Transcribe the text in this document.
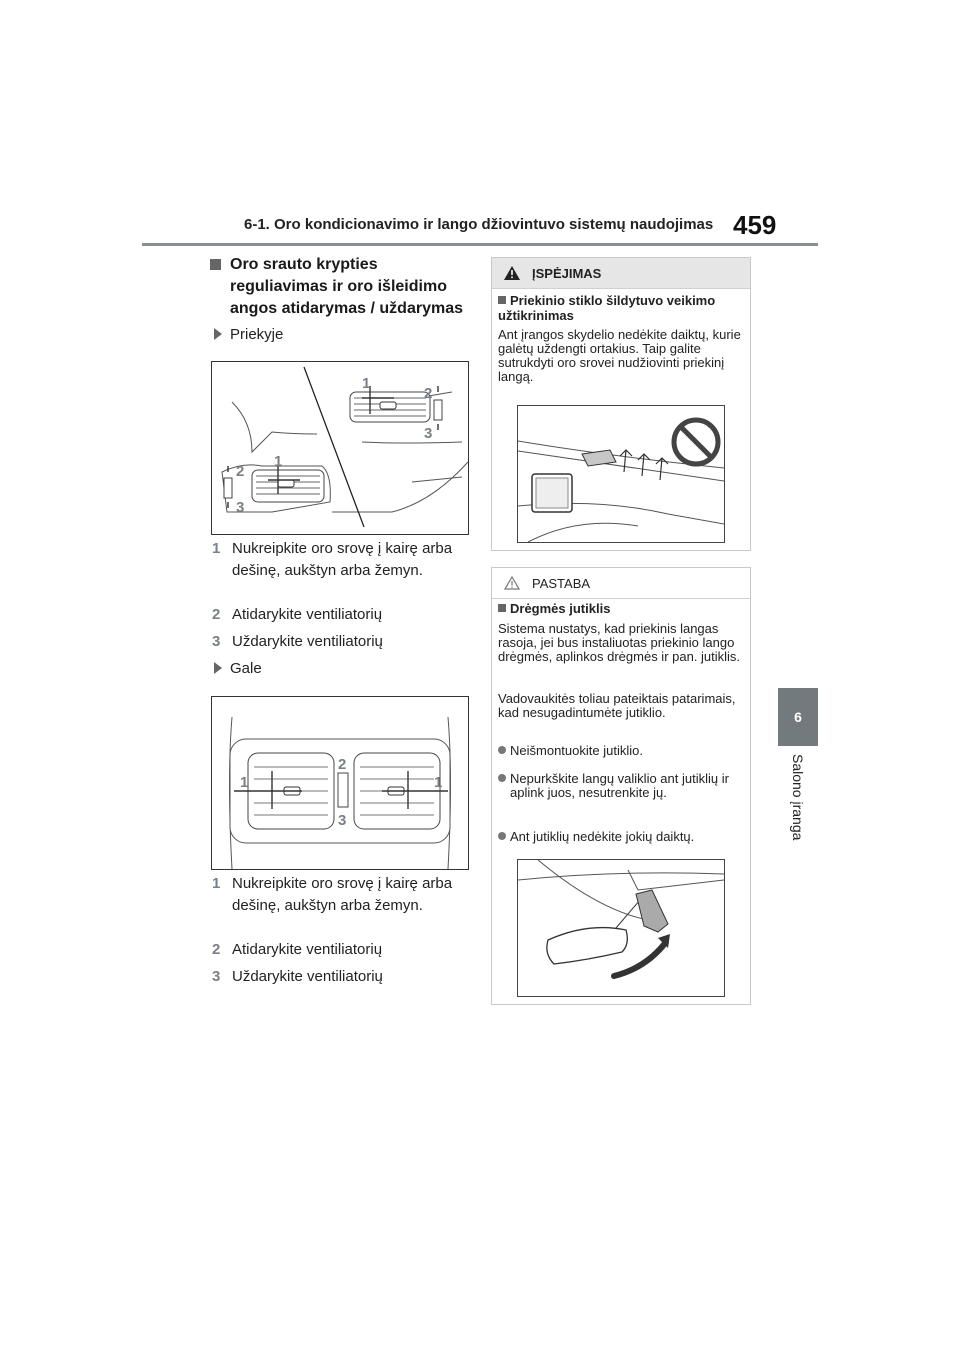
6-1. Oro kondicionavimo ir lango džiovintuvo sistemų naudojimas 459
6
Salono įranga
Oro srauto krypties reguliavimas ir oro išleidimo angos atidarymas / uždarymas
Priekyje
1
2
3
1
2
3
1 Nukreipkite oro srovę į kairę arba dešinę, aukštyn arba žemyn.
2 Atidarykite ventiliatorių
3 Uždarykite ventiliatorių
Gale
1
2
3
1
1 Nukreipkite oro srovę į kairę arba dešinę, aukštyn arba žemyn.
2 Atidarykite ventiliatorių
3 Uždarykite ventiliatorių
ĮSPĖJIMAS
Priekinio stiklo šildytuvo veikimo užtikrinimas
Ant įrangos skydelio nedėkite daiktų, kurie galėtų uždengti ortakius. Taip galite sutrukdyti oro srovei nudžiovinti priekinį langą.
PASTABA
Drėgmės jutiklis
Sistema nustatys, kad priekinis langas rasoja, jei bus instaliuotas priekinio lango drėgmės, aplinkos drėgmės ir pan. jutiklis.
Vadovaukitės toliau pateiktais patarimais, kad nesugadintumėte jutiklio.
Neišmontuokite jutiklio.
Nepurkškite langų valiklio ant jutiklių ir aplink juos, nesutrenkite jų.
Ant jutiklių nedėkite jokių daiktų.
